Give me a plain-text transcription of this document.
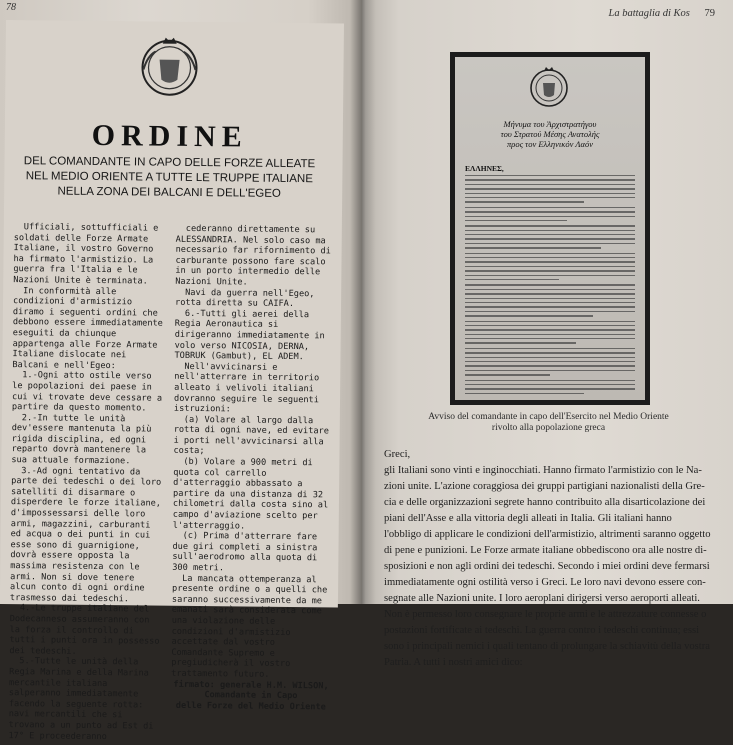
78
ORDINE
DEL COMANDANTE IN CAPO DELLE FORZE ALLEATE
NEL MEDIO ORIENTE A TUTTE LE TRUPPE ITALIANE
NELLA ZONA DEI BALCANI E DELL'EGEO

Ufficiali, sottufficiali e soldati delle Forze Armate Italiane, il vostro Governo ha firmato l'armistizio. La guerra fra l'Italia e le Nazioni Unite è terminata.

In conformità alle condizioni d'armistizio diramo i seguenti ordini che debbono essere immediatamente eseguiti da chiunque appartenga alle Forze Armate Italiane dislocate nei Balcani e nell'Egeo:

1.-Ogni atto ostile verso le popolazioni dei paese in cui vi trovate deve cessare a partire da questo momento.

2.-In tutte le unità dev'essere mantenuta la più rigida disciplina, ed ogni reparto dovrà mantenere la sua attuale formazione.

3.-Ad ogni tentativo da parte dei tedeschi o dei loro satelliti di disarmare o disperdere le forze italiane, d'impossessarsi delle loro armi, magazzini, carburanti ed acqua o dei punti in cui esse sono di guarnigione, dovrà essere opposta la massima resistenza con le armi. Non si dove tenere alcun conto di ogni ordine trasmesso dai tedeschi.

4.-Le truppe italiane del Dodecanneso assumeranno con la forza il controllo di tutti i punti ora in possesso dei tedeschi.

5.-Tutte le unità della Regia Marina e della Marina mercantile italiana salperanno immediatamente facendo la seguente rotta: navi mercantili che si trovano a un punto ad Est di 17° E proceederanno

cederanno direttamente su ALESSANDRIA. Nel solo caso ma necessario far rifornimento di carburante possono fare scalo in un porto intermedio delle Nazioni Unite.

Navi da guerra nell'Egeo, rotta diretta su CAIFA.

6.-Tutti gli aerei della Regia Aeronautica si dirigeranno immediatamente in volo verso NICOSIA, DERNA, TOBRUK (Gambut), EL ADEM.

Nell'avvicinarsi e nell'atterrare in territorio alleato i velivoli italiani dovranno seguire le seguenti istruzioni:

(a) Volare al largo dalla rotta di ogni nave, ed evitare i porti nell'avvicinarsi alla costa;

(b) Volare a 900 metri di quota col carrello d'atterraggio abbassato a partire da una distanza di 32 chilometri dalla costa sino al campo d'aviazione scelto per l'atterraggio.

(c) Prima d'atterrare fare due giri completi a sinistra sull'aerodromo alla quota di 300 metri.

La mancata ottemperanza al presente ordine o a quelli che saranno successivamente da me emanati sarà considerata come una violazione delle condizioni d'armistizio accettate dal vostro Comandante Supremo e pregiudicherà il vostro trattamento futuro.

firmato: generale H.M. WILSON,

Comandante in Capo

delle Forze del Medio Oriente

La battaglia di Kos 79
Μήνυμα του Άρχιστρατήγου
του Στρατού Μέσης Ανατολής
προς τον Ελληνικόν Λαόν
ΕΛΛΗΝΕΣ,
Avviso del comandante in capo dell'Esercito nel Medio Oriente
rivolto alla popolazione greca
Greci,
gli Italiani sono vinti e inginocchiati. Hanno firmato l'armistizio con le Na-
zioni unite. L'azione coraggiosa dei gruppi partigiani nazionalisti della Gre-
cia e delle organizzazioni segrete hanno contribuito alla disarticolazione dei
piani dell'Asse e alla vittoria degli alleati in Italia. Gli italiani hanno
l'obbligo di applicare le condizioni dell'armistizio, altrimenti saranno oggetto
di pene e punizioni. Le Forze armate italiane obbediscono ora alle nostre di-
sposizioni e non agli ordini dei tedeschi. Secondo i miei ordini deve fermarsi
immediatamente ogni ostilità verso i Greci. Le loro navi devono essere con-
segnate alle Nazioni unite. I loro aeroplani dirigersi verso aeroporti alleati.
Non è permesso loro consegnare le proprie armi e le attrezzature connesse o
postazioni fortificate ai tedeschi. La guerra contro i tedeschi continua; essi
sono i principali nemici i quali tentano di prolungare la schiavitù della vostra
Patria. A tutti i nostri amici dico:
